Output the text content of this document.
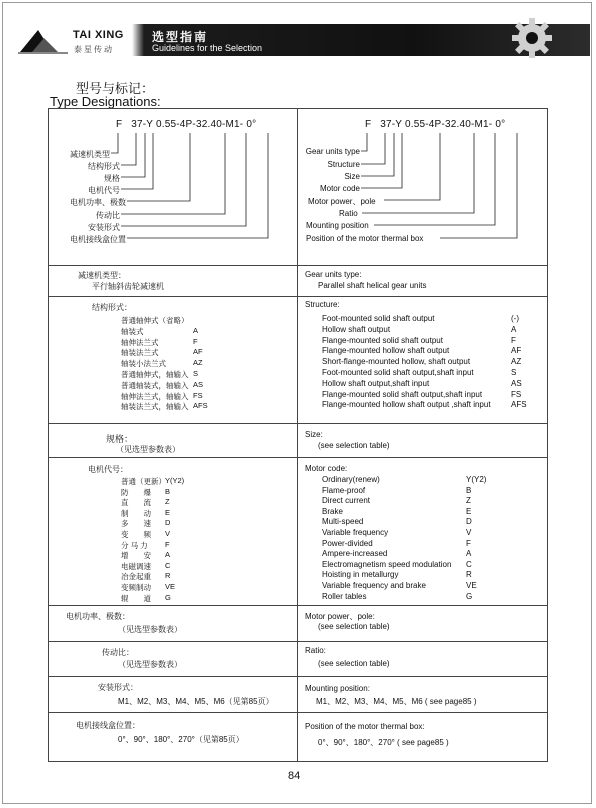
TAI XING
泰星传动
选型指南
Guidelines for the Selection
型号与标记：
Type Designations:
F 37-Y 0.55-4P-32.40-M1- 0°
减速机类型
结构形式
规格
电机代号
电机功率、极数
传动比
安装形式
电机接线盒位置
F 37-Y 0.55-4P-32.40-M1- 0°
Gear units type
Structure
Size
Motor code
Motor power、pole
Ratio
Mounting position
Position of the motor thermal box
减速机类型：
平行轴斜齿轮减速机
Gear units type:
Parallel shaft helical gear units
结构形式：	Structure:
普通轴伸式（省略）
轴装式	A
轴伸法兰式	F
轴装法兰式	AF
轴装小法兰式	AZ
普通轴伸式，轴输入 S
普通轴装式，轴输入 AS
轴伸法兰式，轴输入 FS
轴装法兰式，轴输入 AFS
Foot-mounted solid shaft output	(-)
Hollow shaft output	A
Flange-mounted solid shaft output	F
Flange-mounted hollow shaft output	AF
Short-flange-mounted hollow, shaft output	AZ
Foot-mounted solid shaft output,shaft input	S
Hollow shaft output,shaft input	AS
Flange-mounted solid shaft output,shaft input	FS
Flange-mounted hollow shaft output ,shaft input	AFS
规格：
（见选型参数表）
Size:
(see selection table)
电机代号：	Motor code:
普通（更新） Y(Y2)
防　　爆 B
直　　流 Z
制　　动 E
多　　速 D
变　　频 V
分 马 力 F
增　　安 A
电磁调速 C
冶金起重 R
变频制动 VE
辊　　道 G
Ordinary(renew)	Y(Y2)
Flame-proof	B
Direct current	Z
Brake	E
Multi-speed	D
Variable frequency	V
Power-divided	F
Ampere-increased	A
Electromagnetism speed modulation C
Hoisting in metallurgy	R
Variable frequency and brake	VE
Roller tables	G
电机功率、极数：
（见选型参数表）
Motor power、pole:
(see selection table)
传动比：
（见选型参数表）
Ratio:
(see selection table)
安装形式：
M1、M2、M3、M4、M5、M6（见第85页）
Mounting position:
M1、M2、M3、M4、M5、M6 ( see page85 )
电机接线盒位置：
0°、90°、180°、270°（见第85页）
Position of the motor thermal box:
0°、90°、180°、270° ( see page85 )
84
